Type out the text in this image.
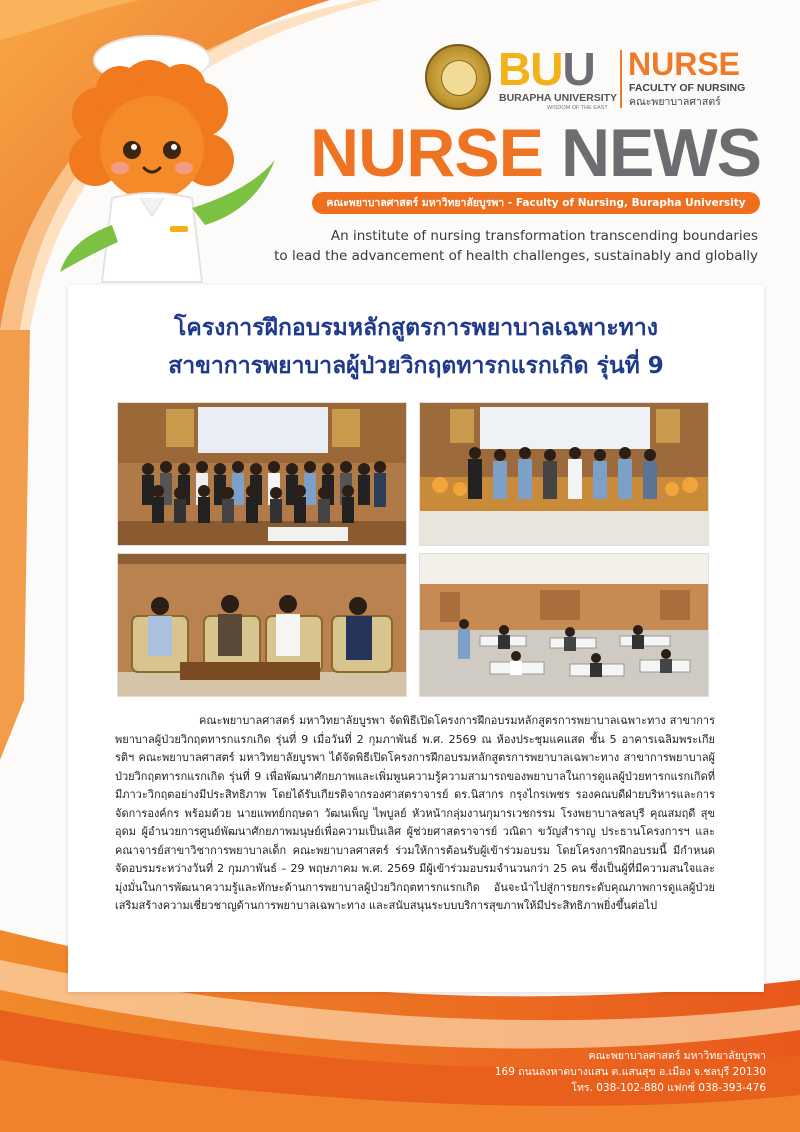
BUU
BURAPHA UNIVERSITY
WISDOM OF THE EAST
NURSE
FACULTY OF NURSING
คณะพยาบาลศาสตร์
NURSE NEWS
คณะพยาบาลศาสตร์ มหาวิทยาลัยบูรพา - Faculty of Nursing, Burapha University
An institute of nursing transformation transcending boundaries
to lead the advancement of health challenges, sustainably and globally
โครงการฝึกอบรมหลักสูตรการพยาบาลเฉพาะทาง
สาขาการพยาบาลผู้ป่วยวิกฤตทารกแรกเกิด รุ่นที่ 9
คณะพยาบาลศาสตร์ มหาวิทยาลัยบูรพา จัดพิธีเปิดโครงการฝึกอบรมหลักสูตรการพยาบาลเฉพาะทาง สาขาการพยาบาลผู้ป่วยวิกฤตทารกแรกเกิด รุ่นที่ 9 เมื่อวันที่ 2 กุมภาพันธ์ พ.ศ. 2569 ณ ห้องประชุมแคแสด ชั้น 5 อาคารเฉลิมพระเกียรติฯ คณะพยาบาลศาสตร์ มหาวิทยาลัยบูรพา ได้จัดพิธีเปิดโครงการฝึกอบรมหลักสูตรการพยาบาลเฉพาะทาง สาขาการพยาบาลผู้ป่วยวิกฤตทารกแรกเกิด รุ่นที่ 9 เพื่อพัฒนาศักยภาพและเพิ่มพูนความรู้ความสามารถของพยาบาลในการดูแลผู้ป่วยทารกแรกเกิดที่มีภาวะวิกฤตอย่างมีประสิทธิภาพ โดยได้รับเกียรติจากรองศาสตราจารย์ ดร.นิสากร กรุงไกรเพชร รองคณบดีฝ่ายบริหารและการจัดการองค์กร พร้อมด้วย นายแพทย์กฤษดา วัฒนเพ็ญ ไพบูลย์ หัวหน้ากลุ่มงานกุมารเวชกรรม โรงพยาบาลชลบุรี คุณสมฤดี สุขอุดม ผู้อำนวยการศูนย์พัฒนาศักยภาพมนุษย์เพื่อความเป็นเลิศ ผู้ช่วยศาสตราจารย์ วณิดา ขวัญสำราญ ประธานโครงการฯ และคณาจารย์สาขาวิชาการพยาบาลเด็ก คณะพยาบาลศาสตร์ ร่วมให้การต้อนรับผู้เข้าร่วมอบรม โดยโครงการฝึกอบรมนี้ มีกำหนดจัดอบรมระหว่างวันที่ 2 กุมภาพันธ์ – 29 พฤษภาคม พ.ศ. 2569 มีผู้เข้าร่วมอบรมจำนวนกว่า 25 คน ซึ่งเป็นผู้ที่มีความสนใจและมุ่งมั่นในการพัฒนาความรู้และทักษะด้านการพยาบาลผู้ป่วยวิกฤตทารกแรกเกิด อันจะนำไปสู่การยกระดับคุณภาพการดูแลผู้ป่วย เสริมสร้างความเชี่ยวชาญด้านการพยาบาลเฉพาะทาง และสนับสนุนระบบบริการสุขภาพให้มีประสิทธิภาพยิ่งขึ้นต่อไป
คณะพยาบาลศาสตร์ มหาวิทยาลัยบูรพา
169 ถนนลงหาดบางแสน ต.แสนสุข อ.เมือง จ.ชลบุรี 20130
โทร. 038-102-880 แฟกซ์ 038-393-476
